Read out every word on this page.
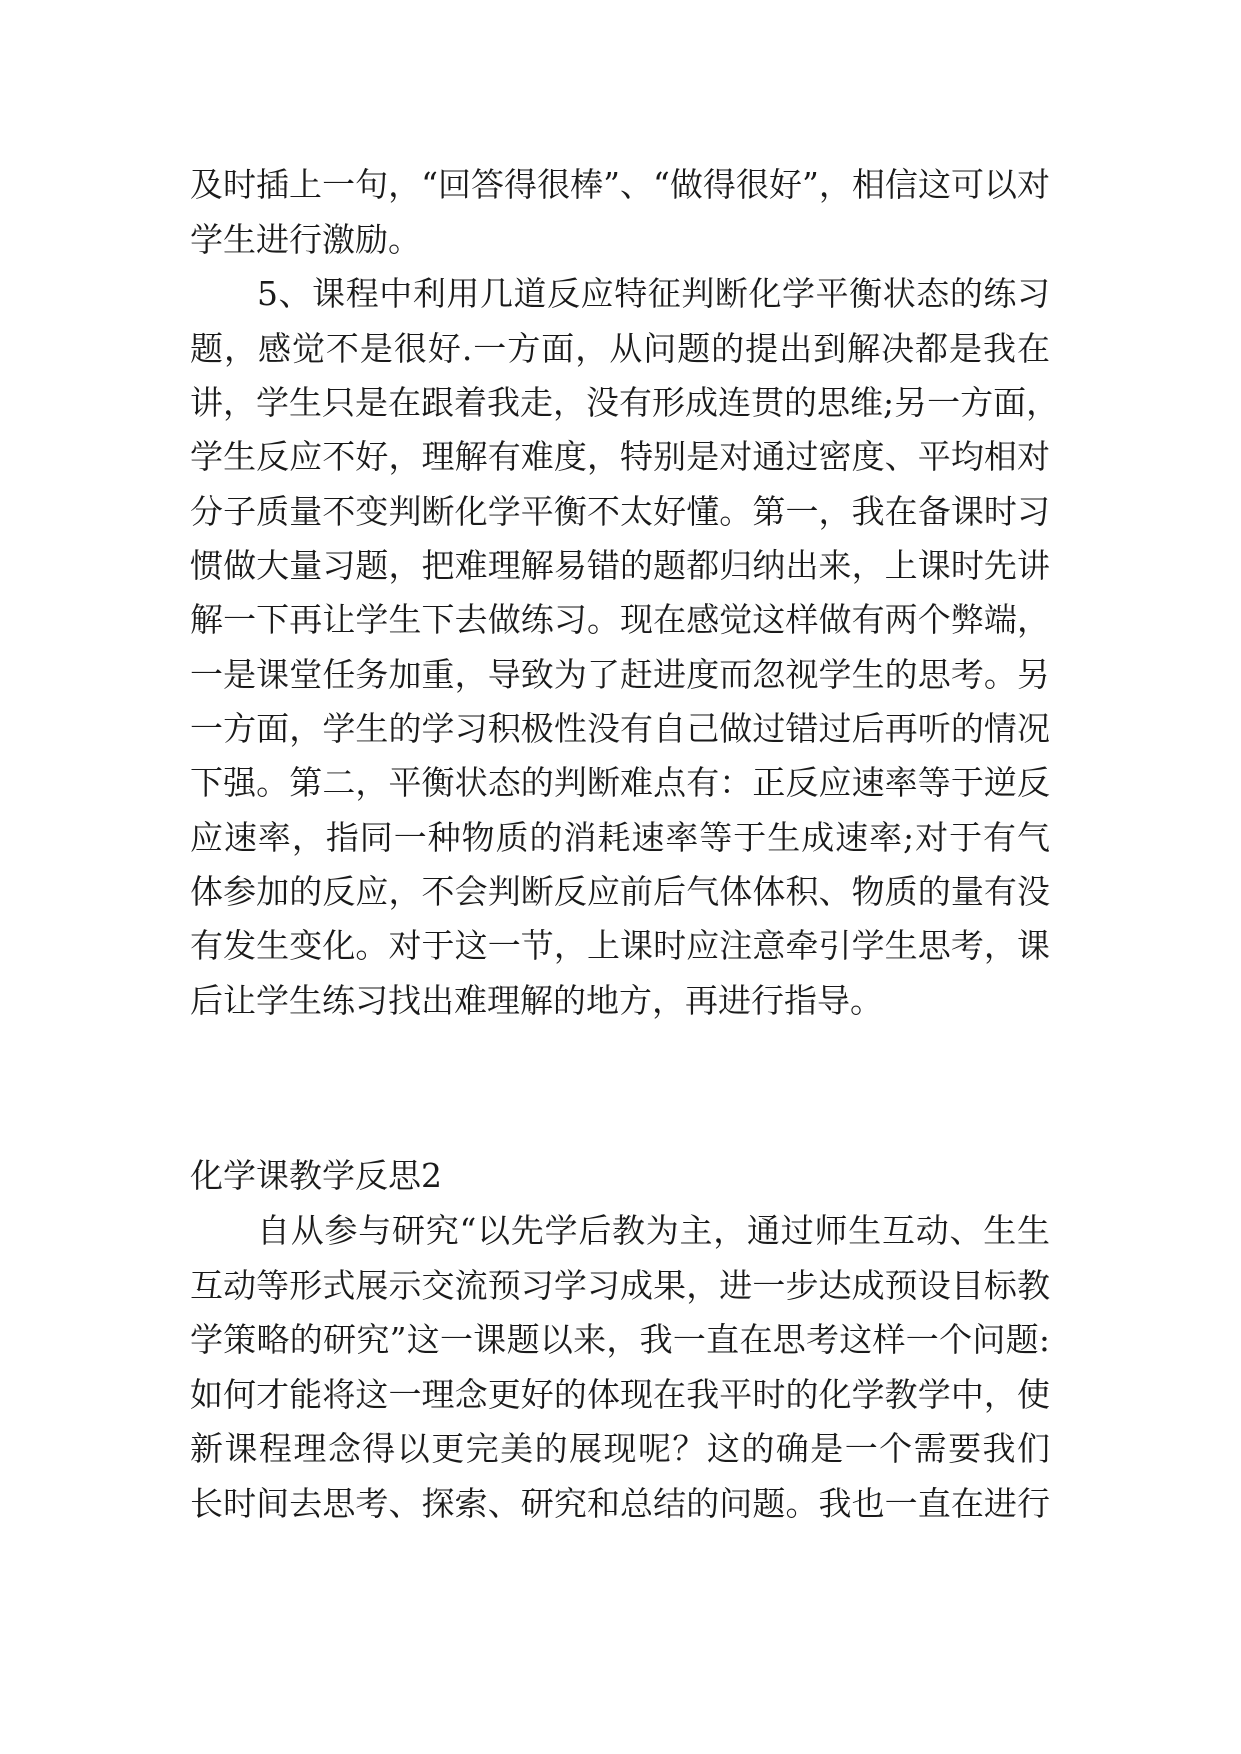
及时插上一句，“回答得很棒”、“做得很好”，相信这可以对
学生进行激励。
5、课程中利用几道反应特征判断化学平衡状态的练习
题，感觉不是很好.一方面，从问题的提出到解决都是我在
讲，学生只是在跟着我走，没有形成连贯的思维;另一方面，
学生反应不好，理解有难度，特别是对通过密度、平均相对
分子质量不变判断化学平衡不太好懂。第一，我在备课时习
惯做大量习题，把难理解易错的题都归纳出来，上课时先讲
解一下再让学生下去做练习。现在感觉这样做有两个弊端，
一是课堂任务加重，导致为了赶进度而忽视学生的思考。另
一方面，学生的学习积极性没有自己做过错过后再听的情况
下强。第二，平衡状态的判断难点有：正反应速率等于逆反
应速率，指同一种物质的消耗速率等于生成速率;对于有气
体参加的反应，不会判断反应前后气体体积、物质的量有没
有发生变化。对于这一节，上课时应注意牵引学生思考，课
后让学生练习找出难理解的地方，再进行指导。
化学课教学反思2
自从参与研究“以先学后教为主，通过师生互动、生生
互动等形式展示交流预习学习成果，进一步达成预设目标教
学策略的研究”这一课题以来，我一直在思考这样一个问题:
如何才能将这一理念更好的体现在我平时的化学教学中，使
新课程理念得以更完美的展现呢？这的确是一个需要我们
长时间去思考、探索、研究和总结的问题。我也一直在进行
